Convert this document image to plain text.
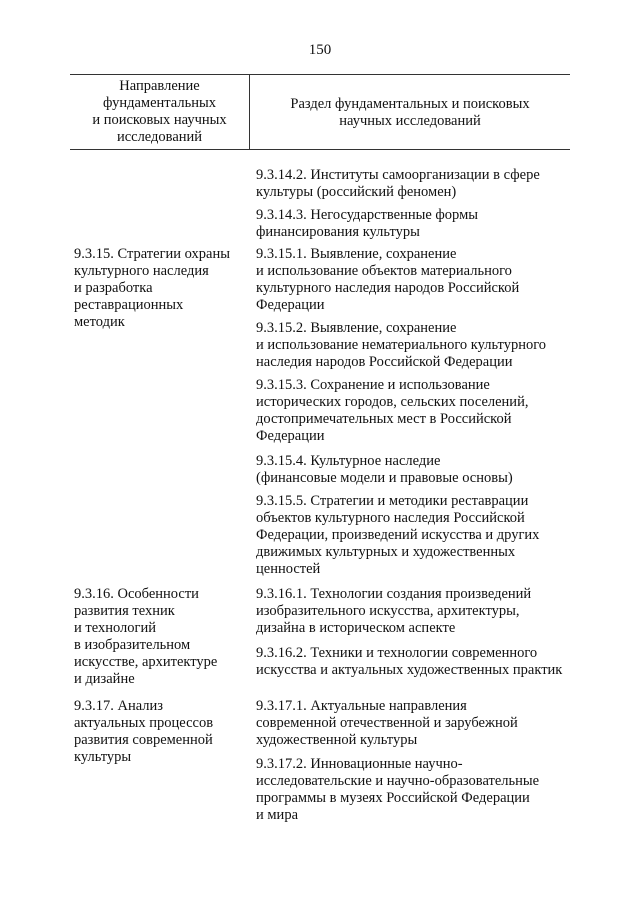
150
Направление
фундаментальных
и поисковых научных
исследований
Раздел фундаментальных и поисковых
научных исследований
9.3.14.2. Институты самоорганизации в сфере
культуры (российский феномен)
9.3.14.3. Негосударственные формы
финансирования культуры
9.3.15. Стратегии охраны
культурного наследия
и разработка
реставрационных
методик
9.3.15.1. Выявление, сохранение
и использование объектов материального
культурного наследия народов Российской
Федерации
9.3.15.2. Выявление, сохранение
и использование нематериального культурного
наследия народов Российской Федерации
9.3.15.3. Сохранение и использование
исторических городов, сельских поселений,
достопримечательных мест в Российской
Федерации
9.3.15.4. Культурное наследие
(финансовые модели и правовые основы)
9.3.15.5. Стратегии и методики реставрации
объектов культурного наследия Российской
Федерации, произведений искусства и других
движимых культурных и художественных
ценностей
9.3.16. Особенности
развития техник
и технологий
в изобразительном
искусстве, архитектуре
и дизайне
9.3.16.1. Технологии создания произведений
изобразительного искусства, архитектуры,
дизайна в историческом аспекте
9.3.16.2. Техники и технологии современного
искусства и актуальных художественных практик
9.3.17. Анализ
актуальных процессов
развития современной
культуры
9.3.17.1. Актуальные направления
современной отечественной и зарубежной
художественной культуры
9.3.17.2. Инновационные научно-
исследовательские и научно-образовательные
программы в музеях Российской Федерации
и мира
